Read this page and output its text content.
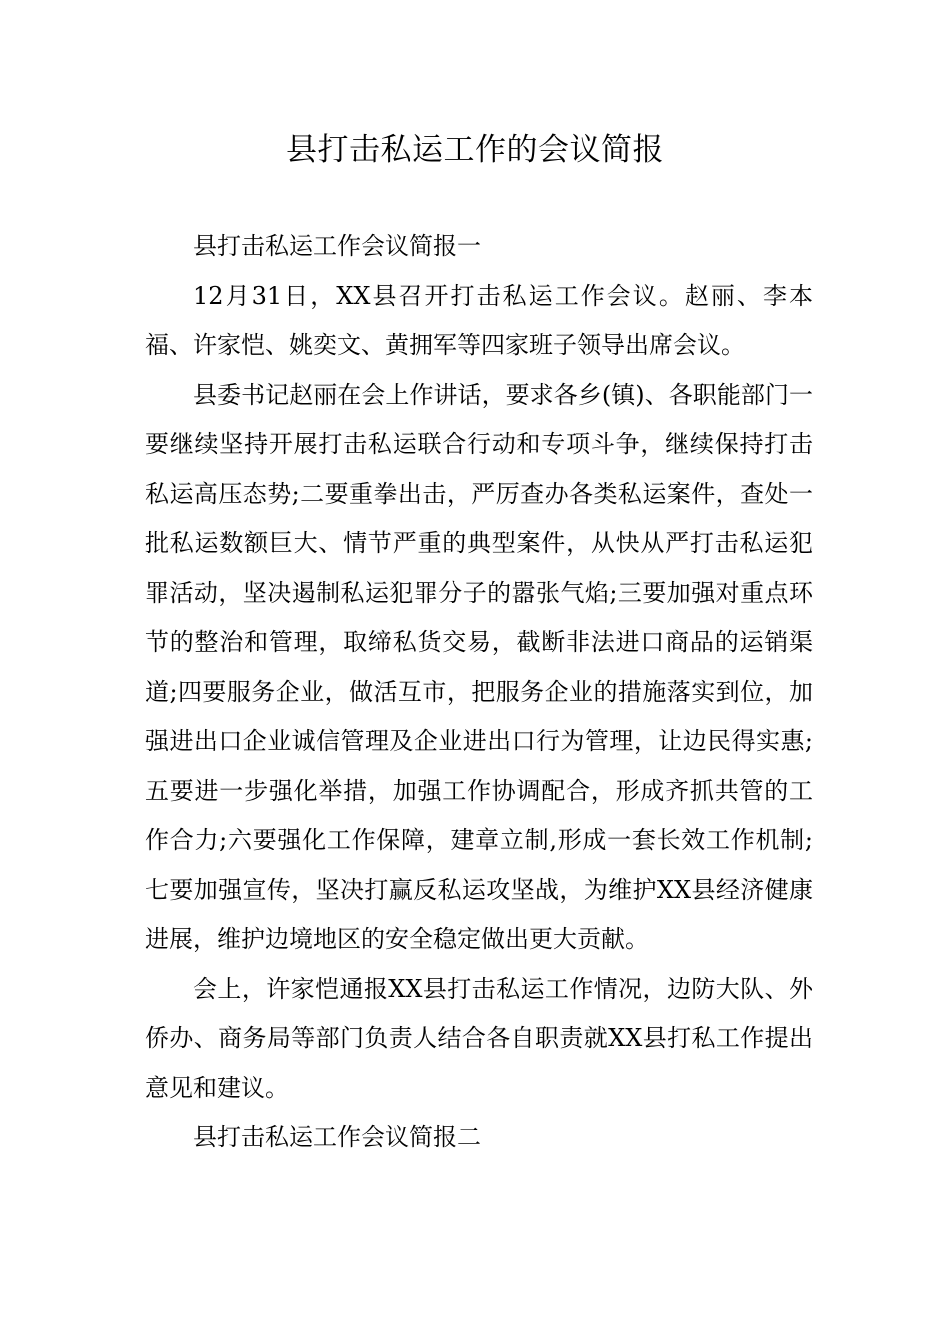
县打击私运工作的会议简报

县打击私运工作会议简报一

12月31日，XX县召开打击私运工作会议。赵丽、李本福、许家恺、姚奕文、黄拥军等四家班子领导出席会议。

县委书记赵丽在会上作讲话，要求各乡(镇)、各职能部门一要继续坚持开展打击私运联合行动和专项斗争，继续保持打击私运高压态势;二要重拳出击，严厉查办各类私运案件，查处一批私运数额巨大、情节严重的典型案件，从快从严打击私运犯罪活动，坚决遏制私运犯罪分子的嚣张气焰;三要加强对重点环节的整治和管理，取缔私货交易，截断非法进口商品的运销渠道;四要服务企业，做活互市，把服务企业的措施落实到位，加强进出口企业诚信管理及企业进出口行为管理，让边民得实惠;五要进一步强化举措，加强工作协调配合，形成齐抓共管的工作合力;六要强化工作保障，建章立制,形成一套长效工作机制;七要加强宣传，坚决打赢反私运攻坚战，为维护XX县经济健康进展，维护边境地区的安全稳定做出更大贡献。

会上，许家恺通报XX县打击私运工作情况，边防大队、外侨办、商务局等部门负责人结合各自职责就XX县打私工作提出意见和建议。

县打击私运工作会议简报二
